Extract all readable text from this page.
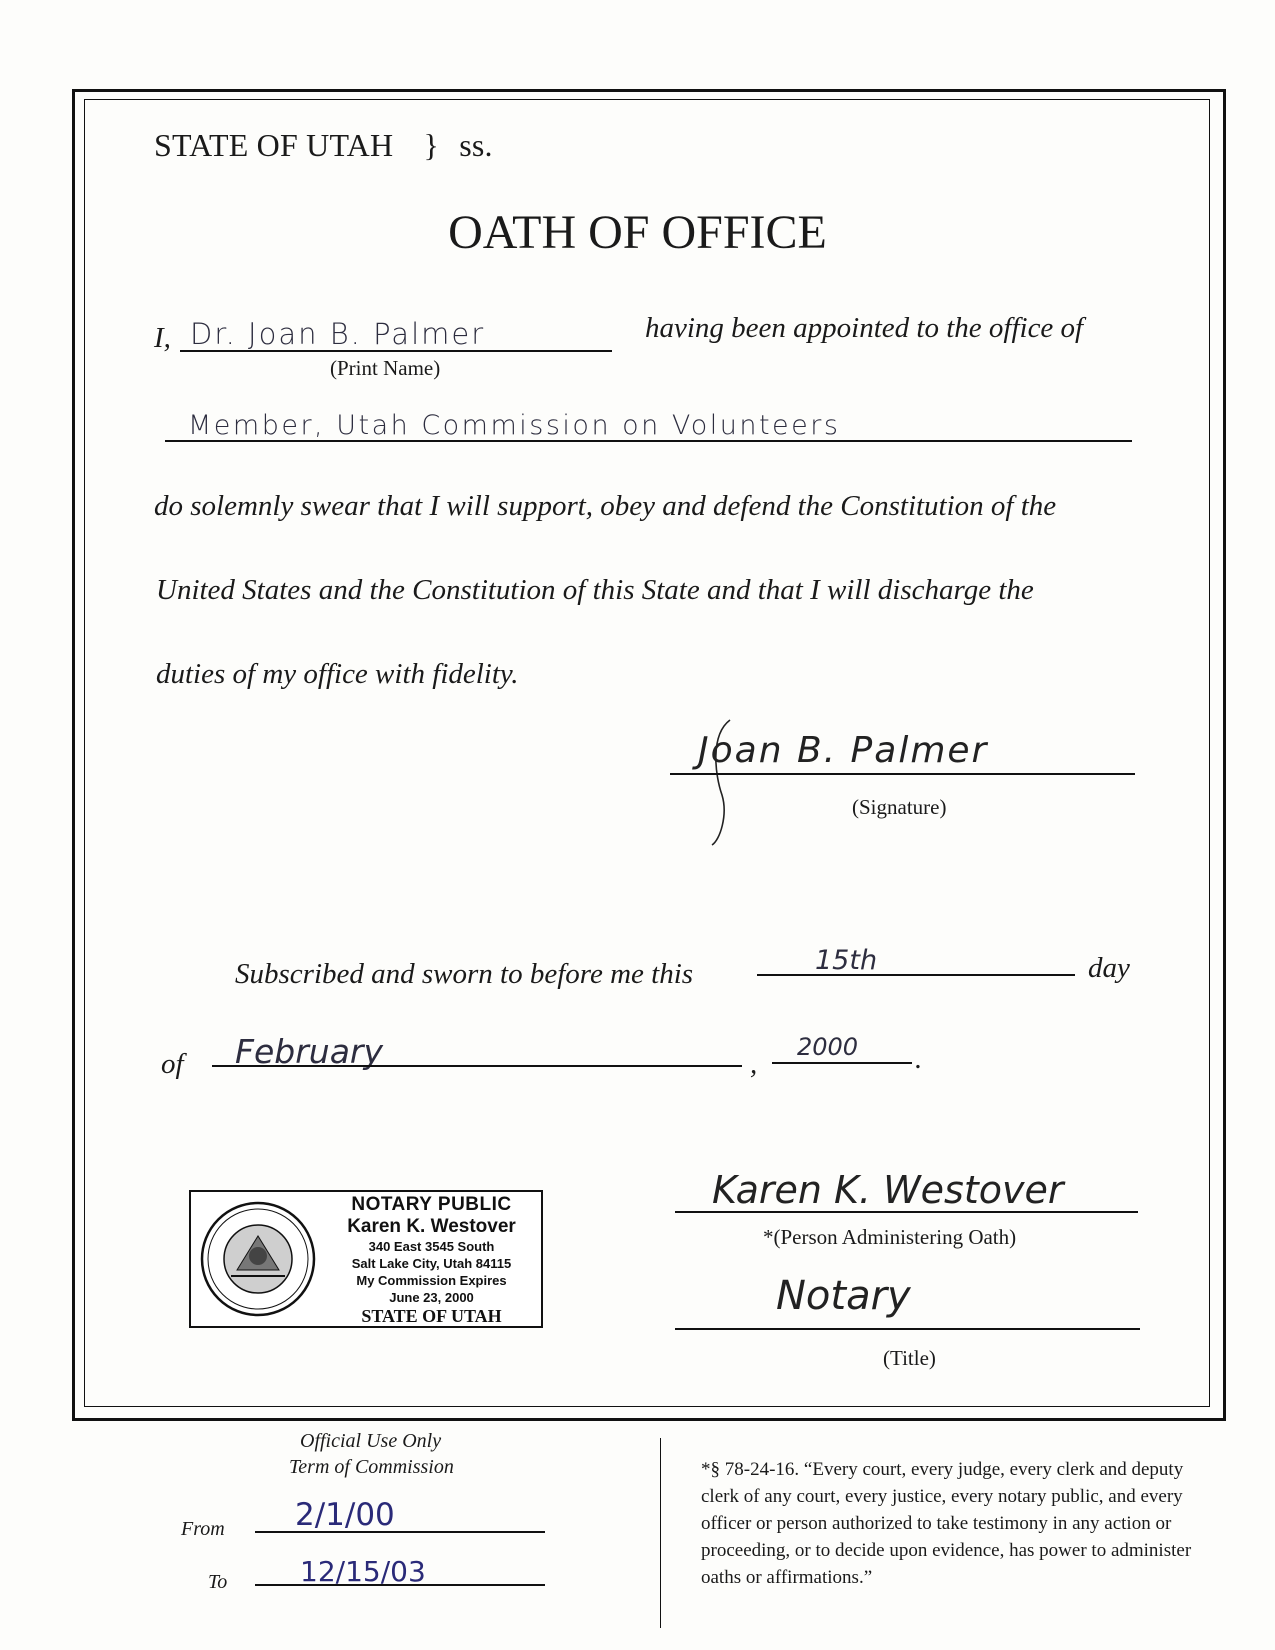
STATE OF UTAH } ss.
OATH OF OFFICE
I, Dr. Joan B. Palmer
(Print Name)
having been appointed to the office of
Member, Utah Commission on Volunteers
do solemnly swear that I will support, obey and defend the Constitution of the
United States and the Constitution of this State and that I will discharge the
duties of my office with fidelity.
Joan B. Palmer
(Signature)
Subscribed and sworn to before me this	15th	day
of February	,
2000 .
NOTARY PUBLIC
Karen K. Westover
340 East 3545 South
Salt Lake City, Utah 84115
My Commission Expires
June 23, 2000
STATE OF UTAH
Karen K. Westover
*(Person Administering Oath)
Notary
(Title)
Official Use Only
Term of Commission
From 2/1/00
To	12/15/03
*§ 78-24-16. “Every court, every judge, every clerk and deputy clerk of any court, every justice, every notary public, and every officer or person authorized to take testimony in any action or proceeding, or to decide upon evidence, has power to administer oaths or affirmations.”
